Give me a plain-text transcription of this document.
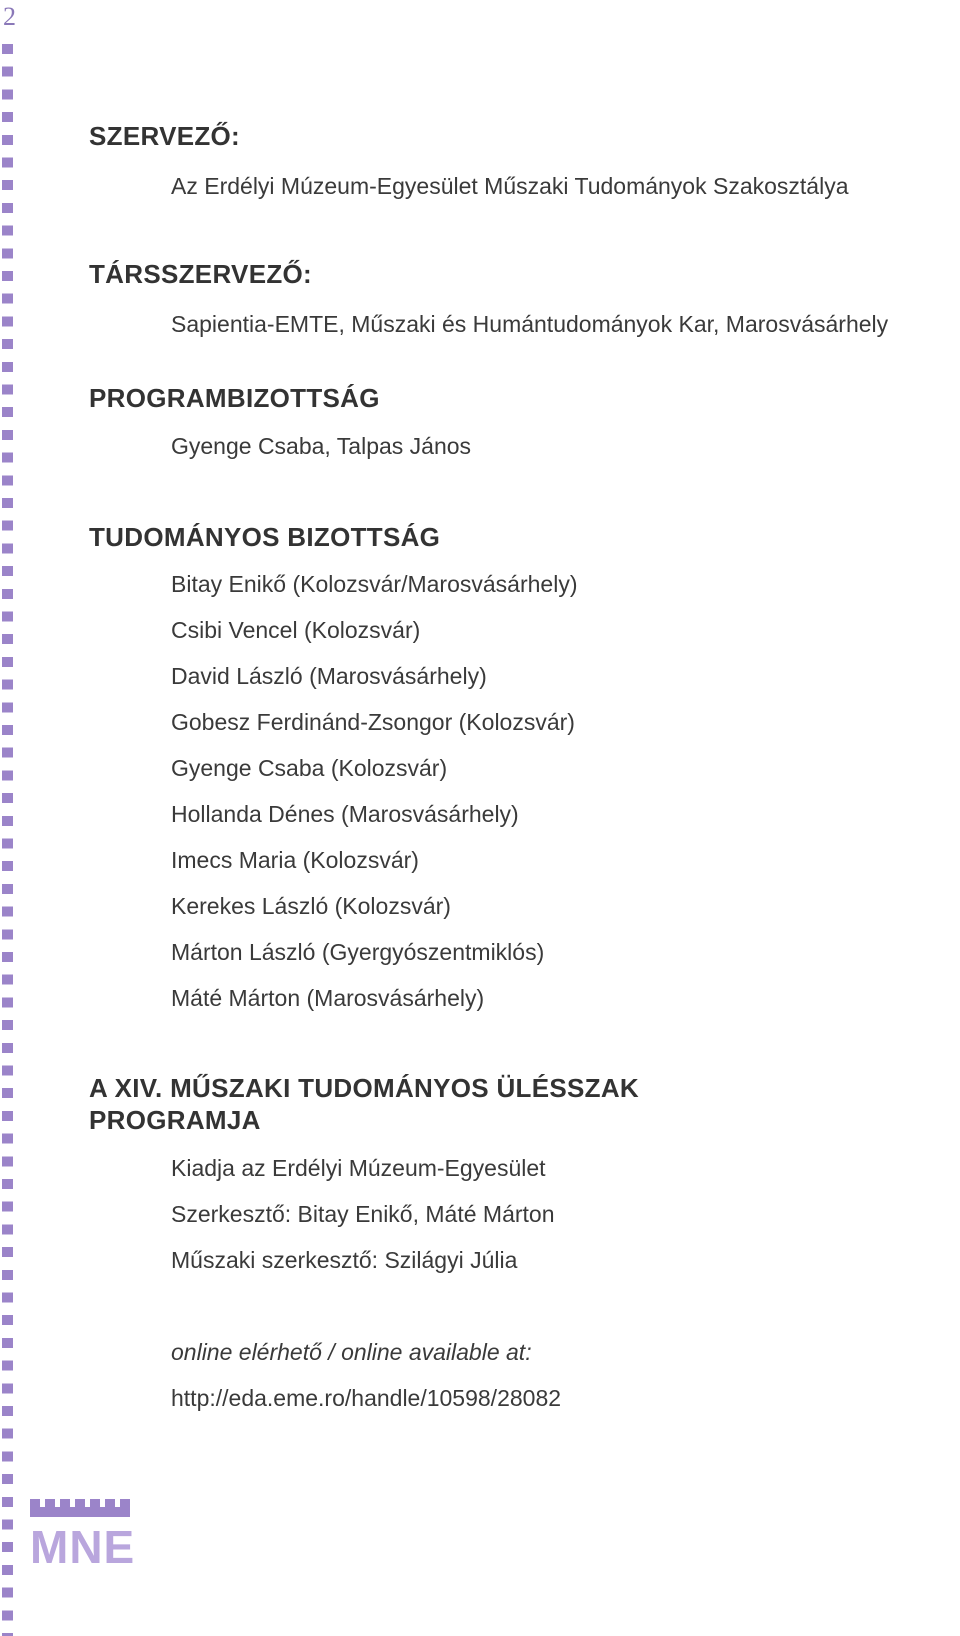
2
SZERVEZŐ:

Az Erdélyi Múzeum-Egyesület Műszaki Tudományok Szakosztálya

TÁRSSZERVEZŐ:

Sapientia-EMTE, Műszaki és Humántudományok Kar, Marosvásárhely

PROGRAMBIZOTTSÁG

Gyenge Csaba, Talpas János

TUDOMÁNYOS BIZOTTSÁG

Bitay Enikő (Kolozsvár/Marosvásárhely)

Csibi Vencel (Kolozsvár)

David László (Marosvásárhely)

Gobesz Ferdinánd-Zsongor (Kolozsvár)

Gyenge Csaba (Kolozsvár)

Hollanda Dénes (Marosvásárhely)

Imecs Maria (Kolozsvár)

Kerekes László (Kolozsvár)

Márton László (Gyergyószentmiklós)

Máté Márton (Marosvásárhely)

A XIV. MŰSZAKI TUDOMÁNYOS ÜLÉSSZAK
PROGRAMJA

Kiadja az Erdélyi Múzeum-Egyesület

Szerkesztő: Bitay Enikő, Máté Márton

Műszaki szerkesztő: Szilágyi Júlia

online elérhető / online available at:

http://eda.eme.ro/handle/10598/28082
MNE
